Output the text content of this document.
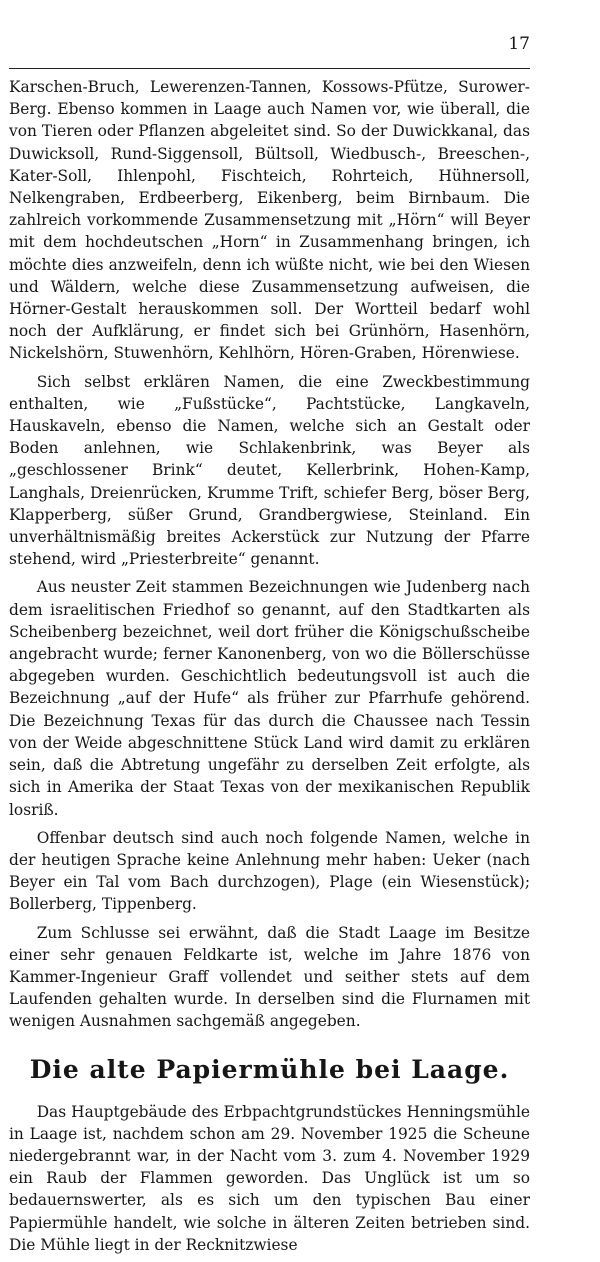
17

Karschen-Bruch, Lewerenzen-Tannen, Kossows-Pfütze, Surower-Berg. Ebenso kommen in Laage auch Namen vor, wie überall, die von Tieren oder Pflanzen abgeleitet sind. So der Duwickkanal, das Duwicksoll, Rund-Siggensoll, Bültsoll, Wiedbusch-, Breeschen-, Kater-Soll, Ihlenpohl, Fischteich, Rohrteich, Hühnersoll, Nelkengraben, Erdbeerberg, Eikenberg, beim Birnbaum. Die zahlreich vorkommende Zusammensetzung mit „Hörn“ will Beyer mit dem hochdeutschen „Horn“ in Zusammenhang bringen, ich möchte dies anzweifeln, denn ich wüßte nicht, wie bei den Wiesen und Wäldern, welche diese Zusammensetzung aufweisen, die Hörner-Gestalt herauskommen soll. Der Wortteil bedarf wohl noch der Aufklärung, er findet sich bei Grünhörn, Hasenhörn, Nickelshörn, Stuwenhörn, Kehlhörn, Hören-Graben, Hörenwiese.

Sich selbst erklären Namen, die eine Zweckbestimmung enthalten, wie „Fußstücke“, Pachtstücke, Langkaveln, Hauskaveln, ebenso die Namen, welche sich an Gestalt oder Boden anlehnen, wie Schlakenbrink, was Beyer als „geschlossener Brink“ deutet, Kellerbrink, Hohen-Kamp, Langhals, Dreienrücken, Krumme Trift, schiefer Berg, böser Berg, Klapperberg, süßer Grund, Grandbergwiese, Steinland. Ein unverhältnismäßig breites Ackerstück zur Nutzung der Pfarre stehend, wird „Priesterbreite“ genannt.

Aus neuster Zeit stammen Bezeichnungen wie Judenberg nach dem israelitischen Friedhof so genannt, auf den Stadtkarten als Scheibenberg bezeichnet, weil dort früher die Königschußscheibe angebracht wurde; ferner Kanonenberg, von wo die Böllerschüsse abgegeben wurden. Geschichtlich bedeutungsvoll ist auch die Bezeichnung „auf der Hufe“ als früher zur Pfarrhufe gehörend. Die Bezeichnung Texas für das durch die Chaussee nach Tessin von der Weide abgeschnittene Stück Land wird damit zu erklären sein, daß die Abtretung ungefähr zu derselben Zeit erfolgte, als sich in Amerika der Staat Texas von der mexikanischen Republik losriß.

Offenbar deutsch sind auch noch folgende Namen, welche in der heutigen Sprache keine Anlehnung mehr haben: Ueker (nach Beyer ein Tal vom Bach durchzogen), Plage (ein Wiesenstück); Bollerberg, Tippenberg.

Zum Schlusse sei erwähnt, daß die Stadt Laage im Besitze einer sehr genauen Feldkarte ist, welche im Jahre 1876 von Kammer-Ingenieur Graff vollendet und seither stets auf dem Laufenden gehalten wurde. In derselben sind die Flurnamen mit wenigen Ausnahmen sachgemäß angegeben.

Die alte Papiermühle bei Laage.

Das Hauptgebäude des Erbpachtgrundstückes Henningsmühle in Laage ist, nachdem schon am 29. November 1925 die Scheune niedergebrannt war, in der Nacht vom 3. zum 4. November 1929 ein Raub der Flammen geworden. Das Unglück ist um so bedauernswerter, als es sich um den typischen Bau einer Papiermühle handelt, wie solche in älteren Zeiten betrieben sind. Die Mühle liegt in der Recknitzwiese
